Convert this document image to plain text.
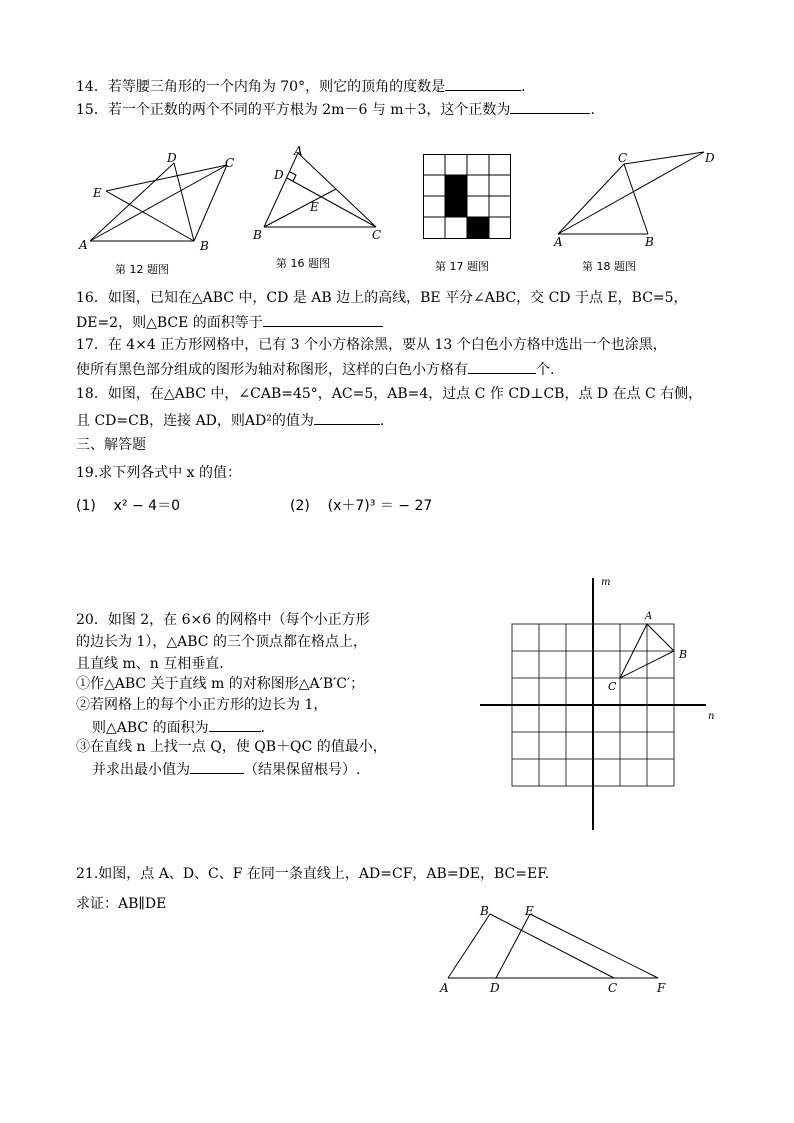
14．若等腰三角形的一个内角为 70°，则它的顶角的度数是	.
15．若一个正数的两个不同的平方根为 2m－6 与 m＋3，这个正数为	.
A	B
C
D
E
第 12 题图
A
B	C
D
E
第 16 题图	第 17 题图
A	B
C	D
第 18 题图
16．如图，已知在△ABC 中，CD 是 AB 边上的高线，BE 平分∠ABC，交 CD 于点 E，BC=5，
DE=2，则△BCE 的面积等于
17．在 4×4 正方形网格中，已有 3 个小方格涂黑，要从 13 个白色小方格中选出一个也涂黑，
使所有黑色部分组成的图形为轴对称图形，这样的白色小方格有	个.
18．如图，在△ABC 中，∠CAB=45°，AC=5，AB=4，过点 C 作 CD⊥CB，点 D 在点 C 右侧，
且 CD=CB，连接 AD，则AD²的值为	.
三、解答题
19.求下列各式中 x 的值：
(1) x² − 4＝0	(2) (x＋7)³ ＝ − 27
20．如图 2，在 6×6 的网格中（每个小正方形
的边长为 1），△ABC 的三个顶点都在格点上，
且直线 m、n 互相垂直.
①作△ABC 关于直线 m 的对称图形△A′B′C′；
②若网格上的每个小正方形的边长为 1，
则△ABC 的面积为	.
③在直线 n 上找一点 Q，使 QB＋QC 的值最小，
并求出最小值为	（结果保留根号）.
m
n
A
B
C
21.如图，点 A、D、C、F 在同一条直线上，AD=CF，AB=DE，BC=EF.
求证：AB∥DE
A
B
C
D
E
F
